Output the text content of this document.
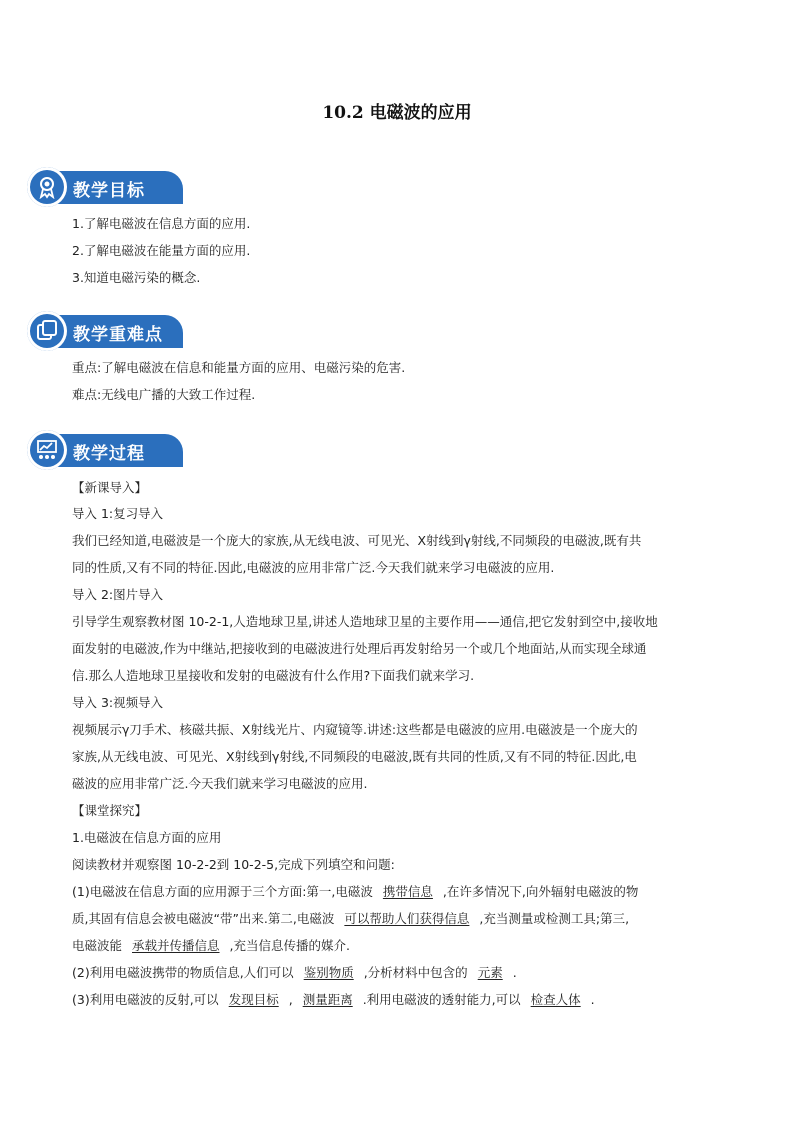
10.2 电磁波的应用
教学目标
1.了解电磁波在信息方面的应用.
2.了解电磁波在能量方面的应用.
3.知道电磁污染的概念.
教学重难点
重点:了解电磁波在信息和能量方面的应用、电磁污染的危害.
难点:无线电广播的大致工作过程.
教学过程
【新课导入】
导入 1:复习导入
我们已经知道,电磁波是一个庞大的家族,从无线电波、可见光、X射线到γ射线,不同频段的电磁波,既有共
同的性质,又有不同的特征.因此,电磁波的应用非常广泛.今天我们就来学习电磁波的应用.
导入 2:图片导入
引导学生观察教材图 10-2-1,人造地球卫星,讲述人造地球卫星的主要作用——通信,把它发射到空中,接收地
面发射的电磁波,作为中继站,把接收到的电磁波进行处理后再发射给另一个或几个地面站,从而实现全球通
信.那么人造地球卫星接收和发射的电磁波有什么作用?下面我们就来学习.
导入 3:视频导入
视频展示γ刀手术、核磁共振、X射线光片、内窥镜等.讲述:这些都是电磁波的应用.电磁波是一个庞大的
家族,从无线电波、可见光、X射线到γ射线,不同频段的电磁波,既有共同的性质,又有不同的特征.因此,电
磁波的应用非常广泛.今天我们就来学习电磁波的应用.
【课堂探究】
1.电磁波在信息方面的应用
阅读教材并观察图 10-2-2到 10-2-5,完成下列填空和问题:
(1)电磁波在信息方面的应用源于三个方面:第一,电磁波 携带信息 ,在许多情况下,向外辐射电磁波的物
质,其固有信息会被电磁波“带”出来.第二,电磁波 可以帮助人们获得信息 ,充当测量或检测工具;第三,
电磁波能 承载并传播信息 ,充当信息传播的媒介.
(2)利用电磁波携带的物质信息,人们可以 鉴别物质 ,分析材料中包含的 元素 .
(3)利用电磁波的反射,可以 发现目标 , 测量距离 .利用电磁波的透射能力,可以 检查人体 .
